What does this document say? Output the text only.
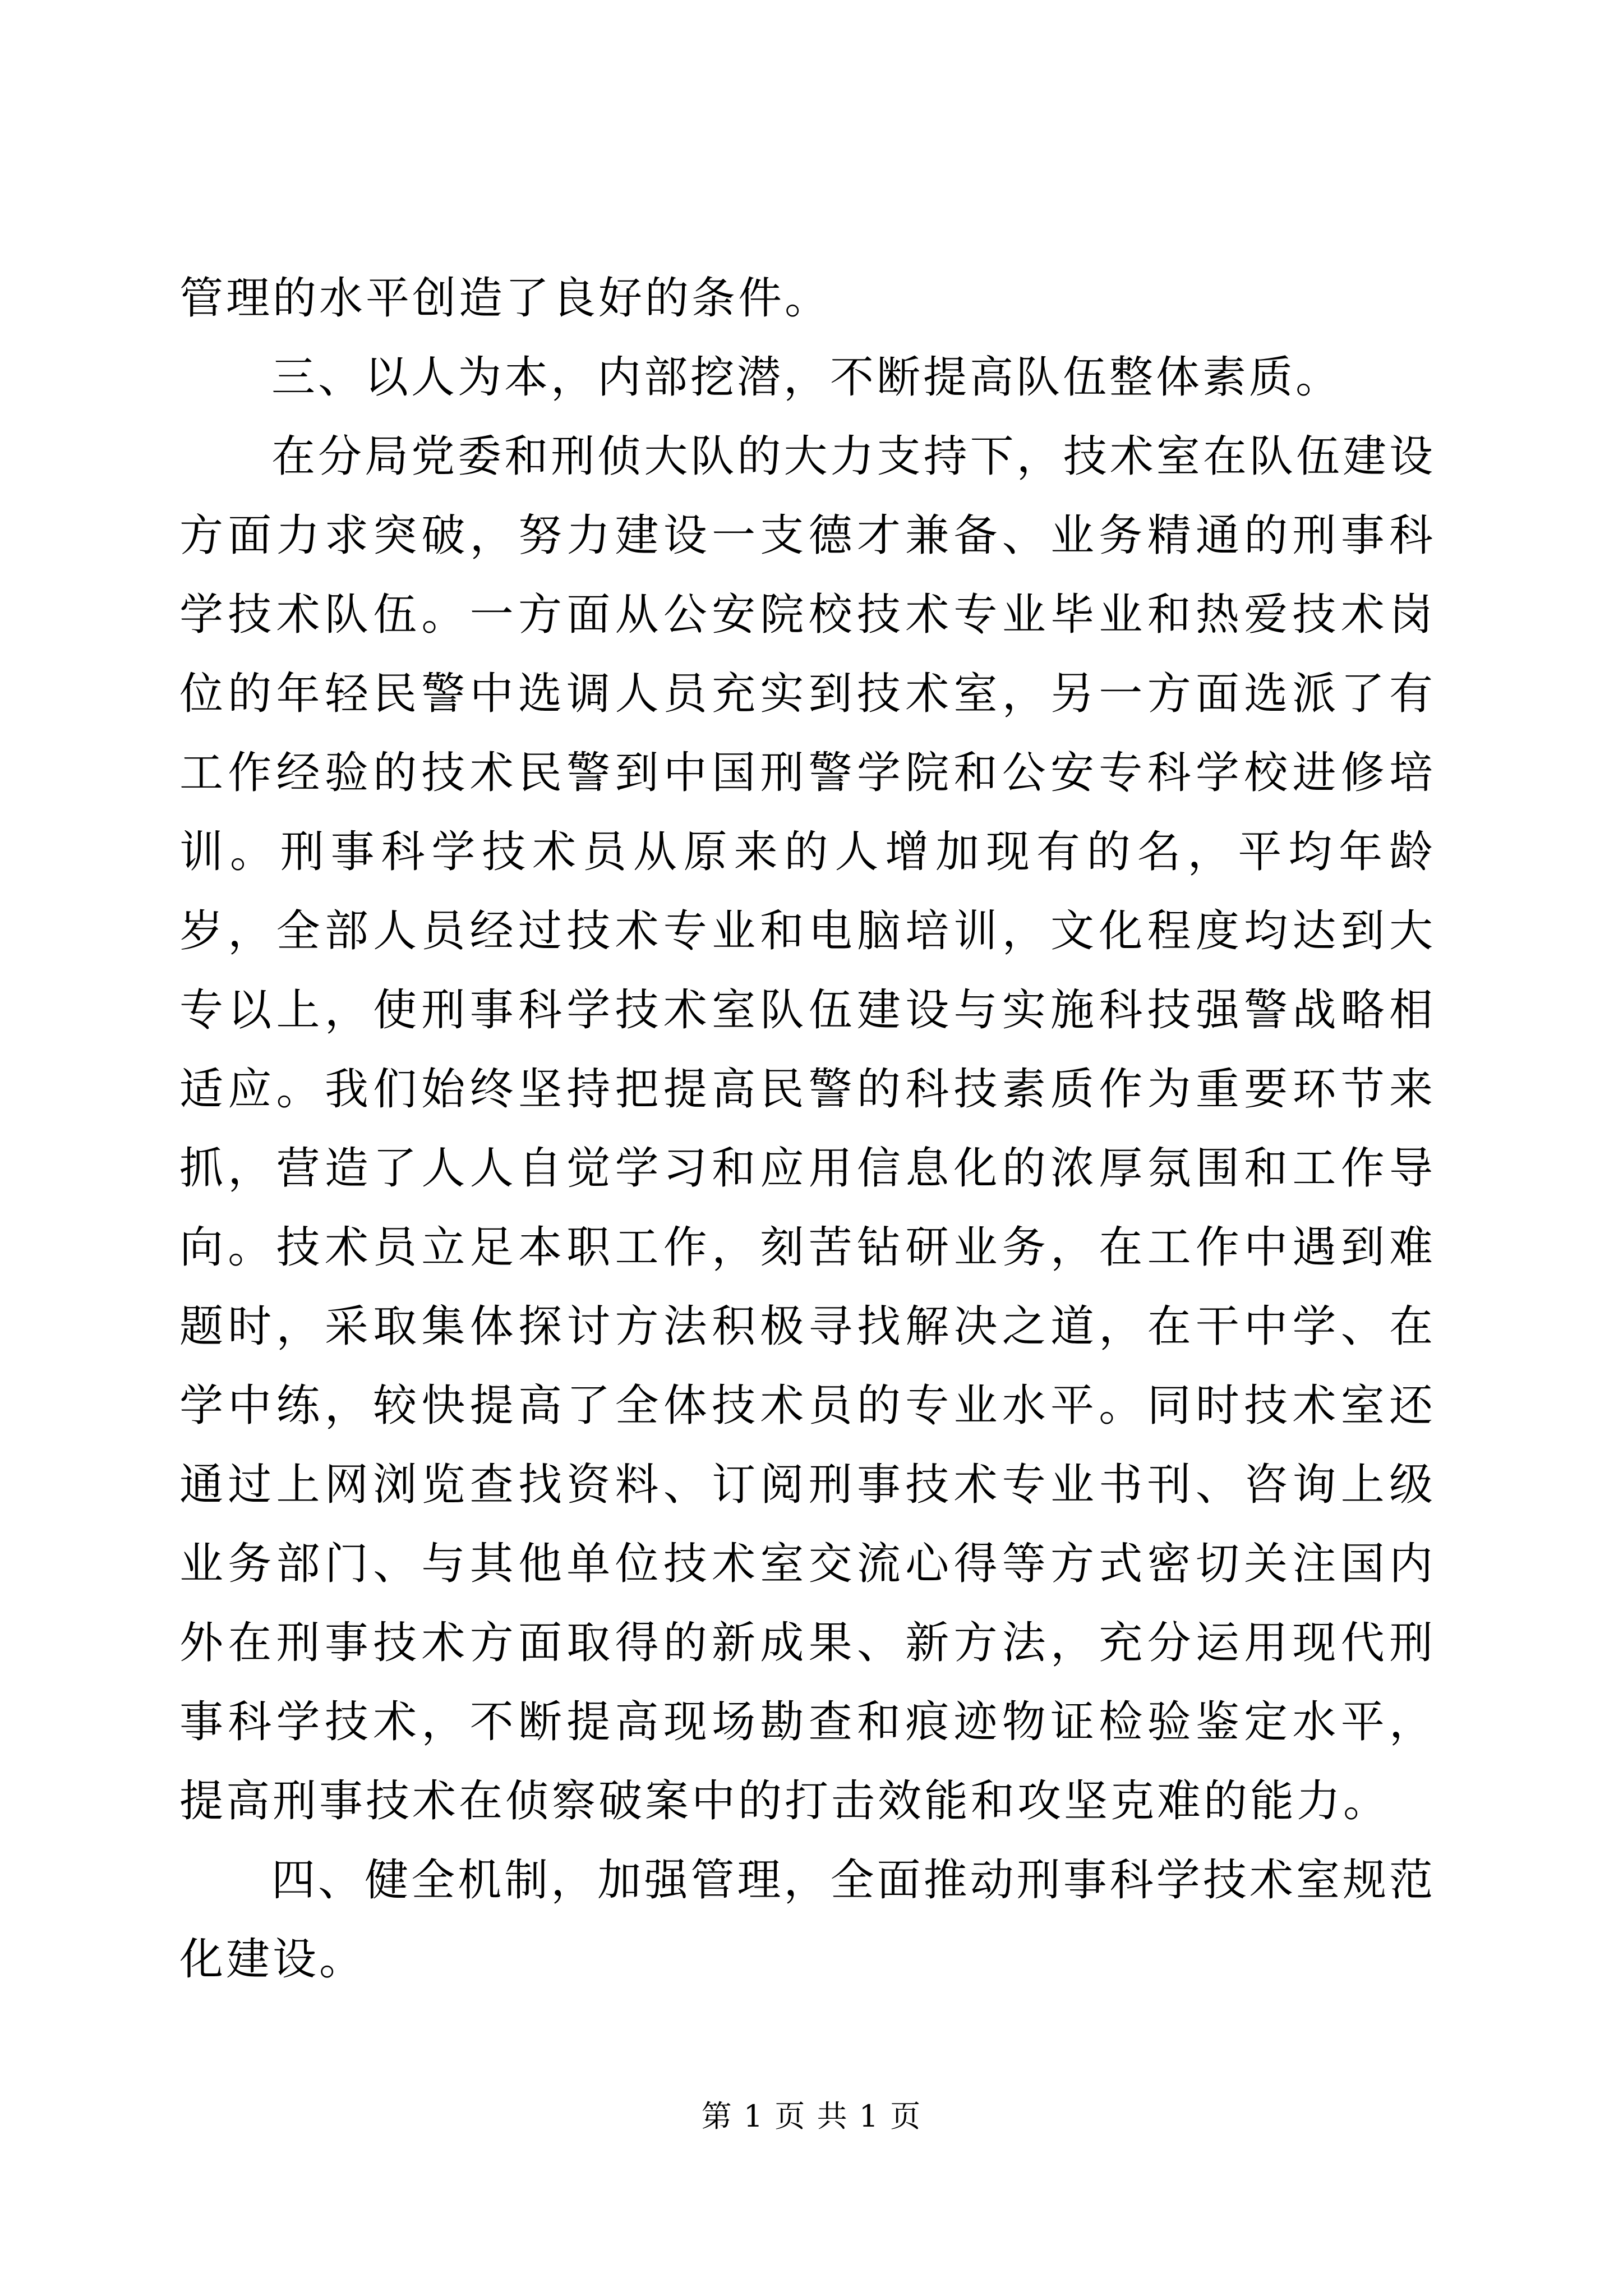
管理的水平创造了良好的条件。

三、以人为本，内部挖潜，不断提高队伍整体素质。

在分局党委和刑侦大队的大力支持下，技术室在队伍建设方面力求突破，努力建设一支德才兼备、业务精通的刑事科学技术队伍。一方面从公安院校技术专业毕业和热爱技术岗位的年轻民警中选调人员充实到技术室，另一方面选派了有工作经验的技术民警到中国刑警学院和公安专科学校进修培训。刑事科学技术员从原来的人增加现有的名，平均年龄岁，全部人员经过技术专业和电脑培训，文化程度均达到大专以上，使刑事科学技术室队伍建设与实施科技强警战略相适应。我们始终坚持把提高民警的科技素质作为重要环节来抓，营造了人人自觉学习和应用信息化的浓厚氛围和工作导向。技术员立足本职工作，刻苦钻研业务，在工作中遇到难题时，采取集体探讨方法积极寻找解决之道，在干中学、在学中练，较快提高了全体技术员的专业水平。同时技术室还通过上网浏览查找资料、订阅刑事技术专业书刊、咨询上级业务部门、与其他单位技术室交流心得等方式密切关注国内外在刑事技术方面取得的新成果、新方法，充分运用现代刑事科学技术，不断提高现场勘查和痕迹物证检验鉴定水平，提高刑事技术在侦察破案中的打击效能和攻坚克难的能力。

四、健全机制，加强管理，全面推动刑事科学技术室规范化建设。

第 1 页 共 1 页
